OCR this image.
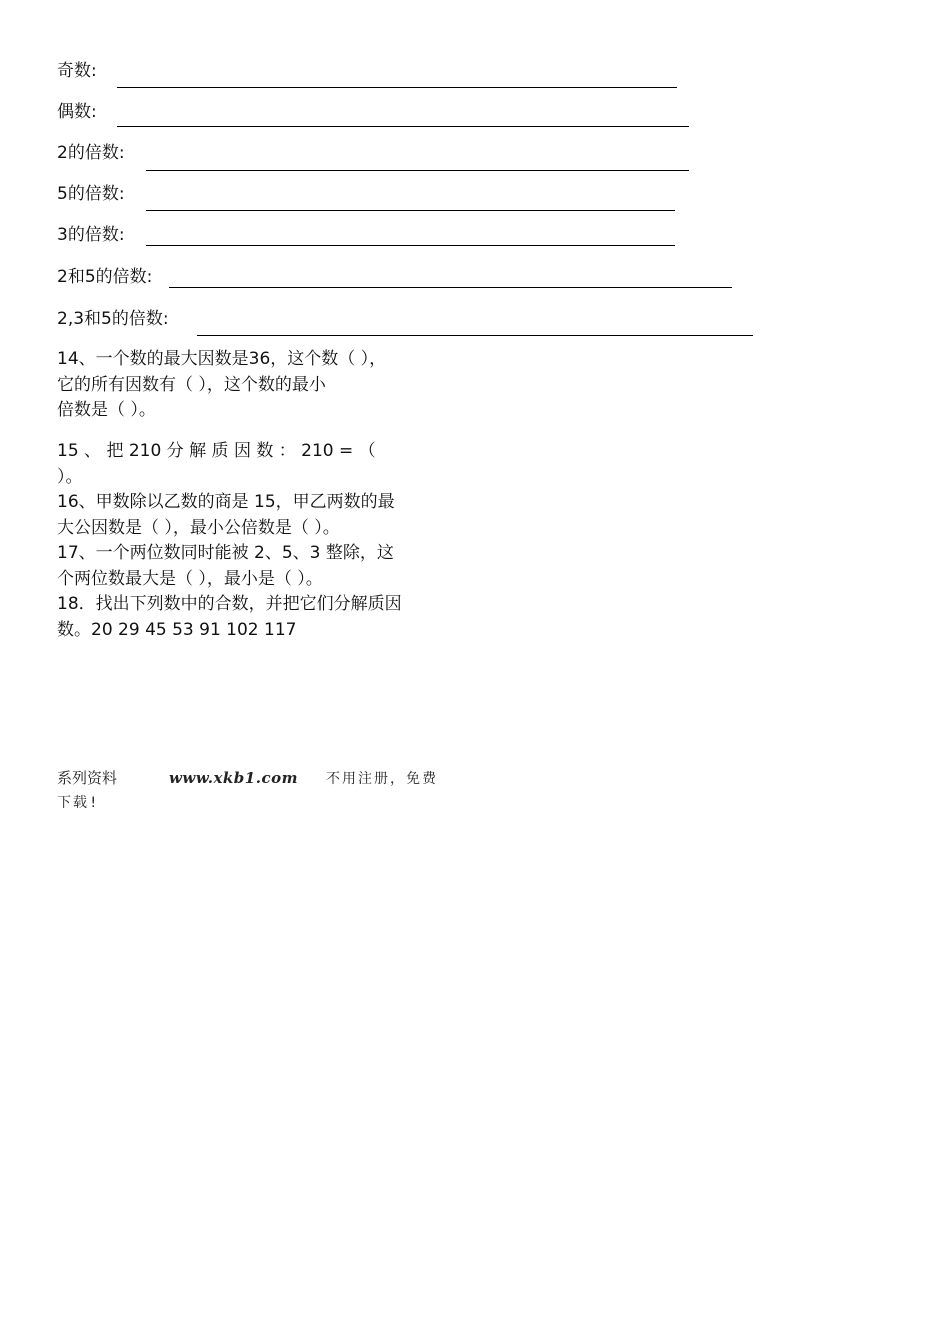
奇数:
偶数:
2的倍数:
5的倍数:
3的倍数:
2和5的倍数:
2,3和5的倍数:
14、一个数的最大因数是36，这个数（ ），
它的所有因数有（ ），这个数的最小
倍数是（ ）。
15 、 把 210 分 解 质 因 数 ： 210 = （
）。
16、甲数除以乙数的商是 15，甲乙两数的最
大公因数是（ ），最小公倍数是（ ）。
17、一个两位数同时能被 2、5、3 整除，这
个两位数最大是（ ），最小是（ ）。
18．找出下列数中的合数，并把它们分解质因
数。20 29 45 53 91 102 117
系列资料	www.xkb1.com 不用注册，免费
下载!
